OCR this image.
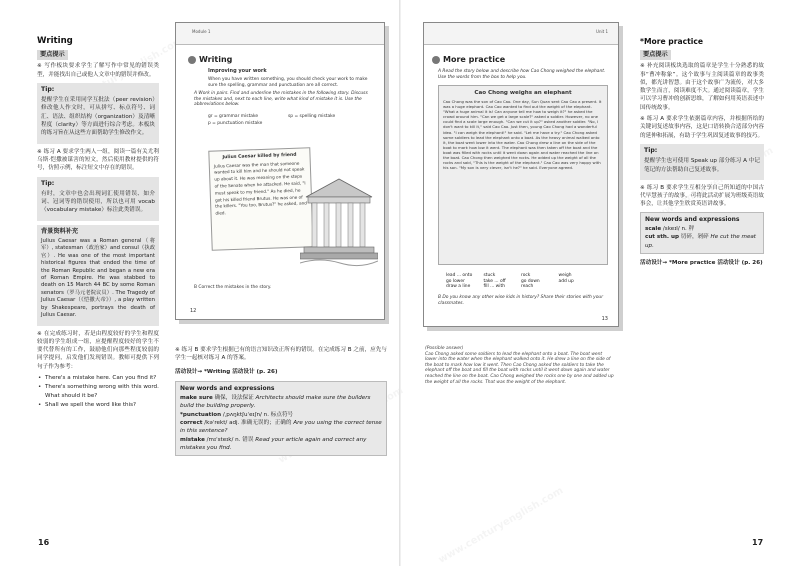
Writing
要点提示
※ 写作板块要求学生了解写作中常见的错误类型，并能找出自己或他人文章中的错误并修改。
Tip:
提醒学生在采用同学互批法（peer revision）修改他人作文时，可从拼写、标点符号、词汇、语法、组织结构（organization）及清晰程度（clarity）等方面进行综合考虑。本板块的练习旨在从这些方面帮助学生修改作文。
※ 练习 A 要求学生两人一组，阅读一篇有关尤利乌斯·恺撒被谋害的短文，然后使用教材提供的符号，仿照示例，标注短文中存在的错误。
Tip:
有时，文章中也会出现词汇使用错误、如介词、冠词等的错误使用，所以也可用 vocab（vocabulary mistake）标注此类错误。
背景资料补充
Julius Caesar was a Roman general（将军）, statesman（政治家）and consul（执政官）. He was one of the most important historical figures that ended the time of the Roman Republic and began a new era of Roman Empire. He was stabbed to death on 15 March 44 BC by some Roman senators（罗马元老院议员）. The Tragedy of Julius Caesar（《恺撒大帝》）, a play written by Shakespeare, portrays the death of Julius Caesar.
※ 在完成练习时，若是由程度较好的学生和程度较弱的学生组成一组，应提醒程度较好的学生不要代替所有的工作，鼓励他们向那些程度较弱的同学提问，启发他们发现错误。教师可提供下列句子作为参考：
• There's a mistake here. Can you find it?
• There's something wrong with this word. What should it be?
• Shall we spell the word like this?
16
Module 1
Writing
Improving your work
When you have written something, you should check your work to make sure the spelling, grammar and punctuation are all correct.
A Work in pairs. Find and underline the mistakes in the following story. Discuss the mistakes and, next to each line, write what kind of mistake it is. Use the abbreviations below.
gr = grammar mistake	sp = spelling mistake
p = punctuation mistake
Julius Caesar killed by friend
Julius Caesar was the man that someone wanted to kill him and he should not speak up about it. He was meaning on the steps of the Senate when he attacked. He said, "I must speak to my friend." As he died, he got his killed friend Brutus. He was one of the killers. "You too, Brutus?" he asked, and died.
B Correct the mistakes in the story.
12
※ 练习 B 要求学生根据已有的语言知识改正所有的错误。在完成练习 B 之前，应先与学生一起核对练习 A 的答案。
活动设计→ *Writing 活动设计 (p. 26)
New words and expressions
make sure 确保，设法保证 Architects should make sure the builders build the building properly.
*punctuation /ˌpʌŋktʃuˈeɪʃn/ n. 标点符号
correct /kəˈrekt/ adj. 准确无误的；正确的 Are you using the correct tense in this sentence?
mistake /mɪˈsteɪk/ n. 错误 Read your article again and correct any mistakes you find.
Unit 1
More practice
A Read the story below and describe how Cao Chong weighed the elephant. Use the words from the box to help you.
Cao Chong weighs an elephant
Cao Chong was the son of Cao Cao. One day, Sun Quan sent Cao Cao a present. It was a huge elephant. Cao Cao wanted to find out the weight of the elephant. "What a huge animal it is! Can anyone tell me how to weigh it?" he asked the crowd around him. "Can we get a large scale?" asked a soldier. However, no one could find a scale large enough. "Can we cut it up?" asked another soldier. "No, I don't want to kill it," said Cao Cao. Just then, young Cao Chong had a wonderful idea. "I can weigh the elephant!" he said. "Let me have a try." Cao Chong asked some soldiers to lead the elephant onto a boat. As the heavy animal walked onto it, the boat went lower into the water. Cao Chong drew a line on the side of the boat to mark how low it went. The elephant was then taken off the boat and the boat was filled with rocks until it went down again and water reached the line on the boat. Cao Chong then weighed the rocks. He added up the weight of all the rocks and said, "This is the weight of the elephant." Cao Cao was very happy with his son. "My son is very clever, isn't he?" he said. Everyone agreed.
lead ... onto	stuck	rock	weigh
go lower	take ... off	go down	add up
draw a line	fill ... with	reach
B Do you know any other wise kids in history? Share their stories with your classmates.
13
(Possible answer)
Cao Chong asked some soldiers to lead the elephant onto a boat. The boat went lower into the water when the elephant walked onto it. He drew a line on the side of the boat to mark how low it went. Then Cao Chong asked the soldiers to take the elephant off the boat and fill the boat with rocks until it went down again and water reached the line on the boat. Cao Chong weighed the rocks one by one and added up the weight of all the rocks. That was the weight of the elephant.
*More practice
要点提示
※ 补充阅读板块选取的篇章是学生十分熟悉的故事“曹冲称象”。这个故事与主阅读篇章的故事类似，都光讲智慧。由于这个故事广为流传，对大多数学生而言，阅读难度不大。通过阅读篇章，学生可以学习曹冲的创新思维，了解如何用英语表述中国传统故事。
※ 练习 A 要求学生依据篇章内容，并根据所给的关键词复述故事内容，这是口语转换合适部分内容的延伸和拓展，有助于学生巩固复述故事的技巧。
Tip:
提醒学生也可使用 Speak up 部分练习 A 中记笔记的方法帮助自己复述故事。
※ 练习 B 要求学生互相分享自己所知道的中国古代早慧孩子的故事，可将此活动扩展为班级英语故事会，让其他学生欣赏英语讲故事。
New words and expressions
scale /skeɪl/ n. 秤
cut sth. up 切碎，剁碎 He cut the meat up.
活动设计→ *More practice 活动设计 (p. 26)
17
